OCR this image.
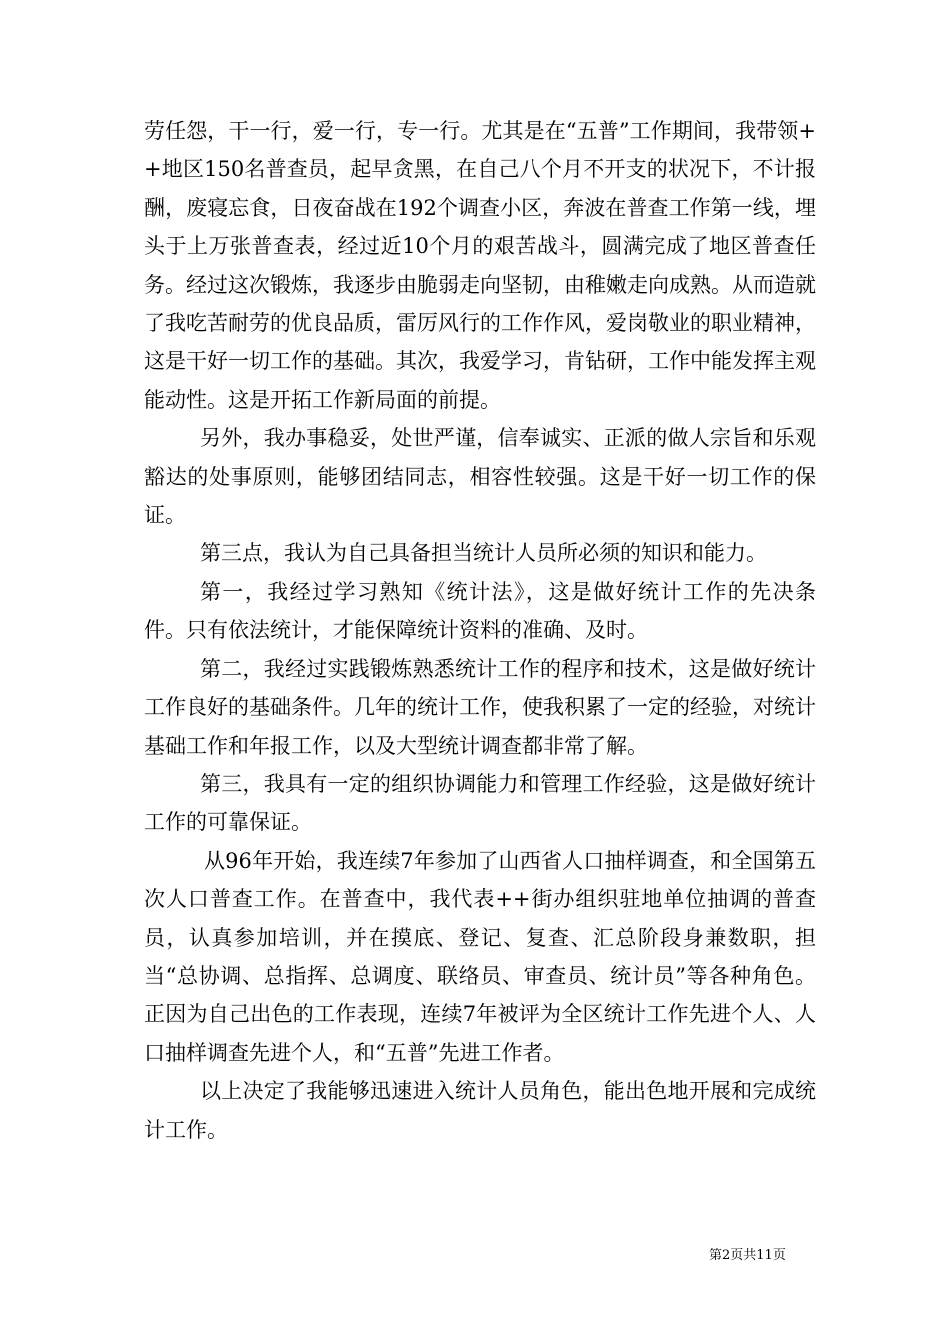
劳任怨，干一行，爱一行，专一行。尤其是在“五普”工作期间，我带领++地区150名普查员，起早贪黑，在自己八个月不开支的状况下，不计报酬，废寝忘食，日夜奋战在192个调查小区，奔波在普查工作第一线，埋头于上万张普查表，经过近10个月的艰苦战斗，圆满完成了地区普查任务。经过这次锻炼，我逐步由脆弱走向坚韧，由稚嫩走向成熟。从而造就了我吃苦耐劳的优良品质，雷厉风行的工作作风，爱岗敬业的职业精神，这是干好一切工作的基础。其次，我爱学习，肯钻研，工作中能发挥主观能动性。这是开拓工作新局面的前提。

另外，我办事稳妥，处世严谨，信奉诚实、正派的做人宗旨和乐观豁达的处事原则，能够团结同志，相容性较强。这是干好一切工作的保证。

第三点，我认为自己具备担当统计人员所必须的知识和能力。

第一，我经过学习熟知《统计法》，这是做好统计工作的先决条件。只有依法统计，才能保障统计资料的准确、及时。

第二，我经过实践锻炼熟悉统计工作的程序和技术，这是做好统计工作良好的基础条件。几年的统计工作，使我积累了一定的经验，对统计基础工作和年报工作，以及大型统计调查都非常了解。

第三，我具有一定的组织协调能力和管理工作经验，这是做好统计工作的可靠保证。

从96年开始，我连续7年参加了山西省人口抽样调查，和全国第五次人口普查工作。在普查中，我代表++街办组织驻地单位抽调的普查员，认真参加培训，并在摸底、登记、复查、汇总阶段身兼数职，担当“总协调、总指挥、总调度、联络员、审查员、统计员”等各种角色。正因为自己出色的工作表现，连续7年被评为全区统计工作先进个人、人口抽样调查先进个人，和“五普”先进工作者。

以上决定了我能够迅速进入统计人员角色，能出色地开展和完成统计工作。

第2页共11页
